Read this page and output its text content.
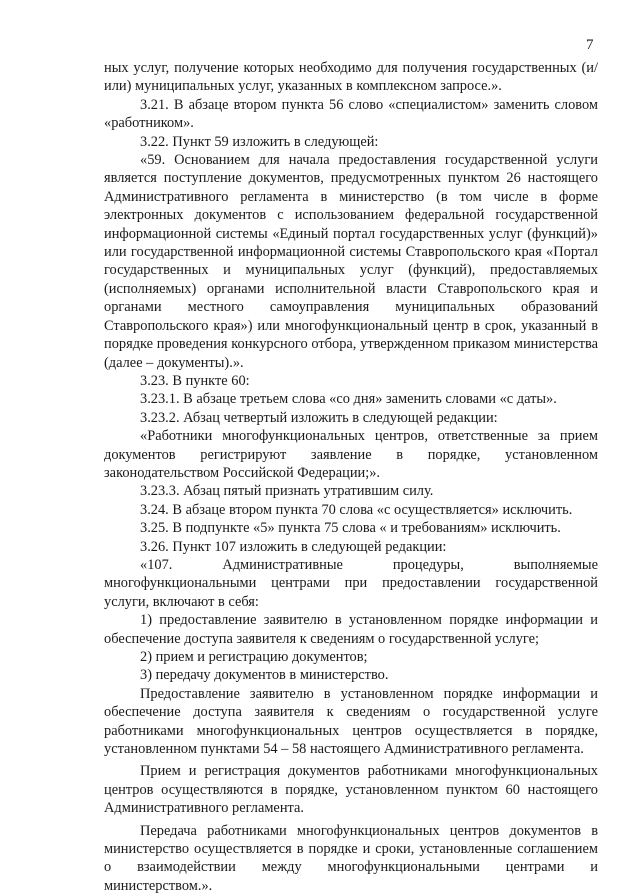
7

ных услуг, получение которых необходимо для получения государственных (и/или) муниципальных услуг, указанных в комплексном запросе.».

3.21. В абзаце втором пункта 56 слово «специалистом» заменить словом «работником».

3.22. Пункт 59 изложить в следующей:

«59. Основанием для начала предоставления государственной услуги является поступление документов, предусмотренных пунктом 26 настоящего Административного регламента в министерство (в том числе в форме электронных документов с использованием федеральной государственной информационной системы «Единый портал государственных услуг (функций)» или государственной информационной системы Ставропольского края «Портал государственных и муниципальных услуг (функций), предоставляемых (исполняемых) органами исполнительной власти Ставропольского края и органами местного самоуправления муниципальных образований Ставропольского края») или многофункциональный центр в срок, указанный в порядке проведения конкурсного отбора, утвержденном приказом министерства (далее – документы).».

3.23. В пункте 60:

3.23.1. В абзаце третьем слова «со дня» заменить словами «с даты».

3.23.2. Абзац четвертый изложить в следующей редакции:

«Работники многофункциональных центров, ответственные за прием документов регистрируют заявление в порядке, установленном законодательством Российской Федерации;».

3.23.3. Абзац пятый признать утратившим силу.

3.24. В абзаце втором пункта 70 слова «с осуществляется» исключить.

3.25. В подпункте «5» пункта 75 слова « и требованиям» исключить.

3.26. Пункт 107 изложить в следующей редакции:

«107. Административные процедуры, выполняемые многофункциональными центрами при предоставлении государственной услуги, включают в себя:

1) предоставление заявителю в установленном порядке информации и обеспечение доступа заявителя к сведениям о государственной услуге;

2) прием и регистрацию документов;

3) передачу документов в министерство.

Предоставление заявителю в установленном порядке информации и обеспечение доступа заявителя к сведениям о государственной услуге работниками многофункциональных центров осуществляется в порядке, установленном пунктами 54 – 58 настоящего Административного регламента.

Прием и регистрация документов работниками многофункциональных центров осуществляются в порядке, установленном пунктом 60 настоящего Административного регламента.

Передача работниками многофункциональных центров документов в министерство осуществляется в порядке и сроки, установленные соглашением о взаимодействии между многофункциональными центрами и министерством.».
